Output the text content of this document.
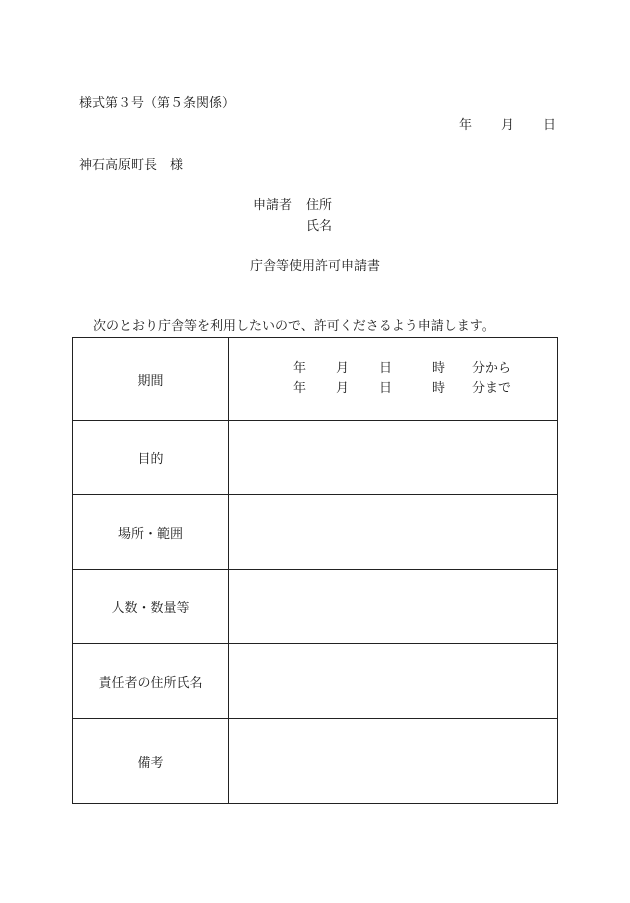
様式第３号（第５条関係）
年 月 日
神石高原町長　様
申請者 住所
氏名
庁舎等使用許可申請書
次のとおり庁舎等を利用したいので、許可くださるよう申請します。
期間	年 月 日 時 分から
年 月 日 時 分まで

目的	
場所・範囲	
人数・数量等	
責任者の住所氏名	
備考	
